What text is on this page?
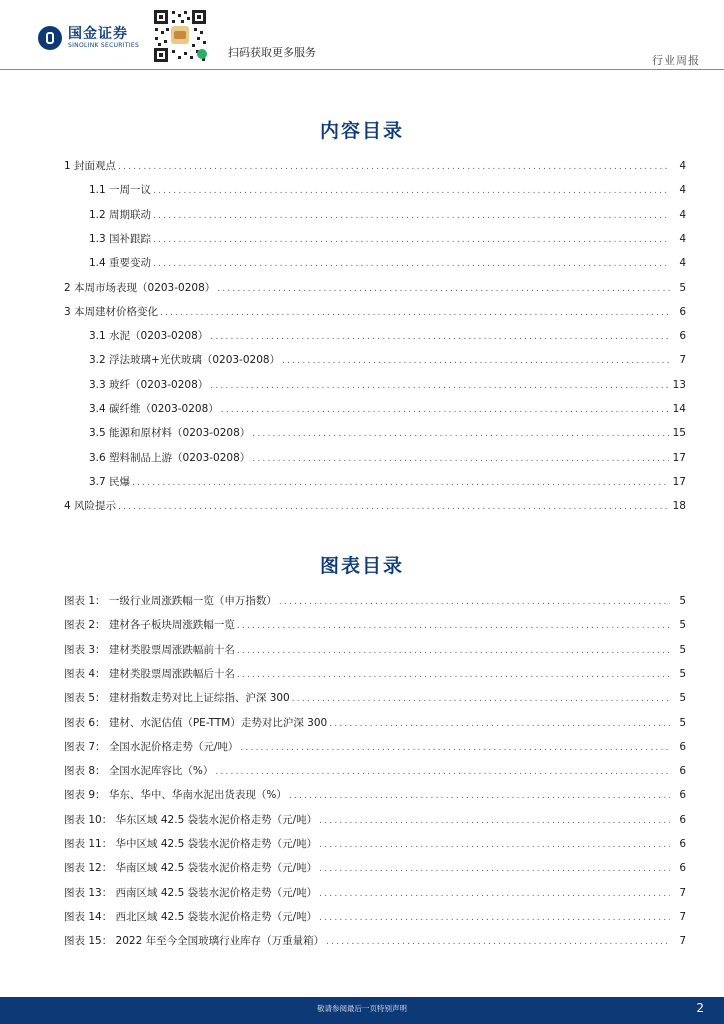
国金证券
SINOLINK SECURITIES
扫码获取更多服务
行业周报
内容目录
1 封面观点 .....	4
1.1 一周一议 .....	4
1.2 周期联动 .....	4
1.3 国补跟踪 .....	4
1.4 重要变动 .....	4
2 本周市场表现（0203-0208） .....	5
3 本周建材价格变化 .....	6
3.1 水泥（0203-0208） .....	6
3.2 浮法玻璃+光伏玻璃（0203-0208） .....	7
3.3 玻纤（0203-0208） .....	13
3.4 碳纤维（0203-0208） .....	14
3.5 能源和原材料（0203-0208） .....	15
3.6 塑料制品上游（0203-0208） .....	17
3.7 民爆 .....	17
4 风险提示 .....	18
图表目录
图表 1： 一级行业周涨跌幅一览（申万指数） .....	5
图表 2： 建材各子板块周涨跌幅一览 .....	5
图表 3： 建材类股票周涨跌幅前十名 .....	5
图表 4： 建材类股票周涨跌幅后十名 .....	5
图表 5： 建材指数走势对比上证综指、沪深 300 .....	5
图表 6： 建材、水泥估值（PE-TTM）走势对比沪深 300 .....	5
图表 7： 全国水泥价格走势（元/吨） .....	6
图表 8： 全国水泥库容比（%） .....	6
图表 9： 华东、华中、华南水泥出货表现（%） .....	6
图表 10： 华东区域 42.5 袋装水泥价格走势（元/吨） .....	6
图表 11： 华中区域 42.5 袋装水泥价格走势（元/吨） .....	6
图表 12： 华南区域 42.5 袋装水泥价格走势（元/吨） .....	6
图表 13： 西南区域 42.5 袋装水泥价格走势（元/吨） .....	7
图表 14： 西北区域 42.5 袋装水泥价格走势（元/吨） .....	7
图表 15： 2022 年至今全国玻璃行业库存（万重量箱） .....	7
敬请参阅最后一页特别声明	2
